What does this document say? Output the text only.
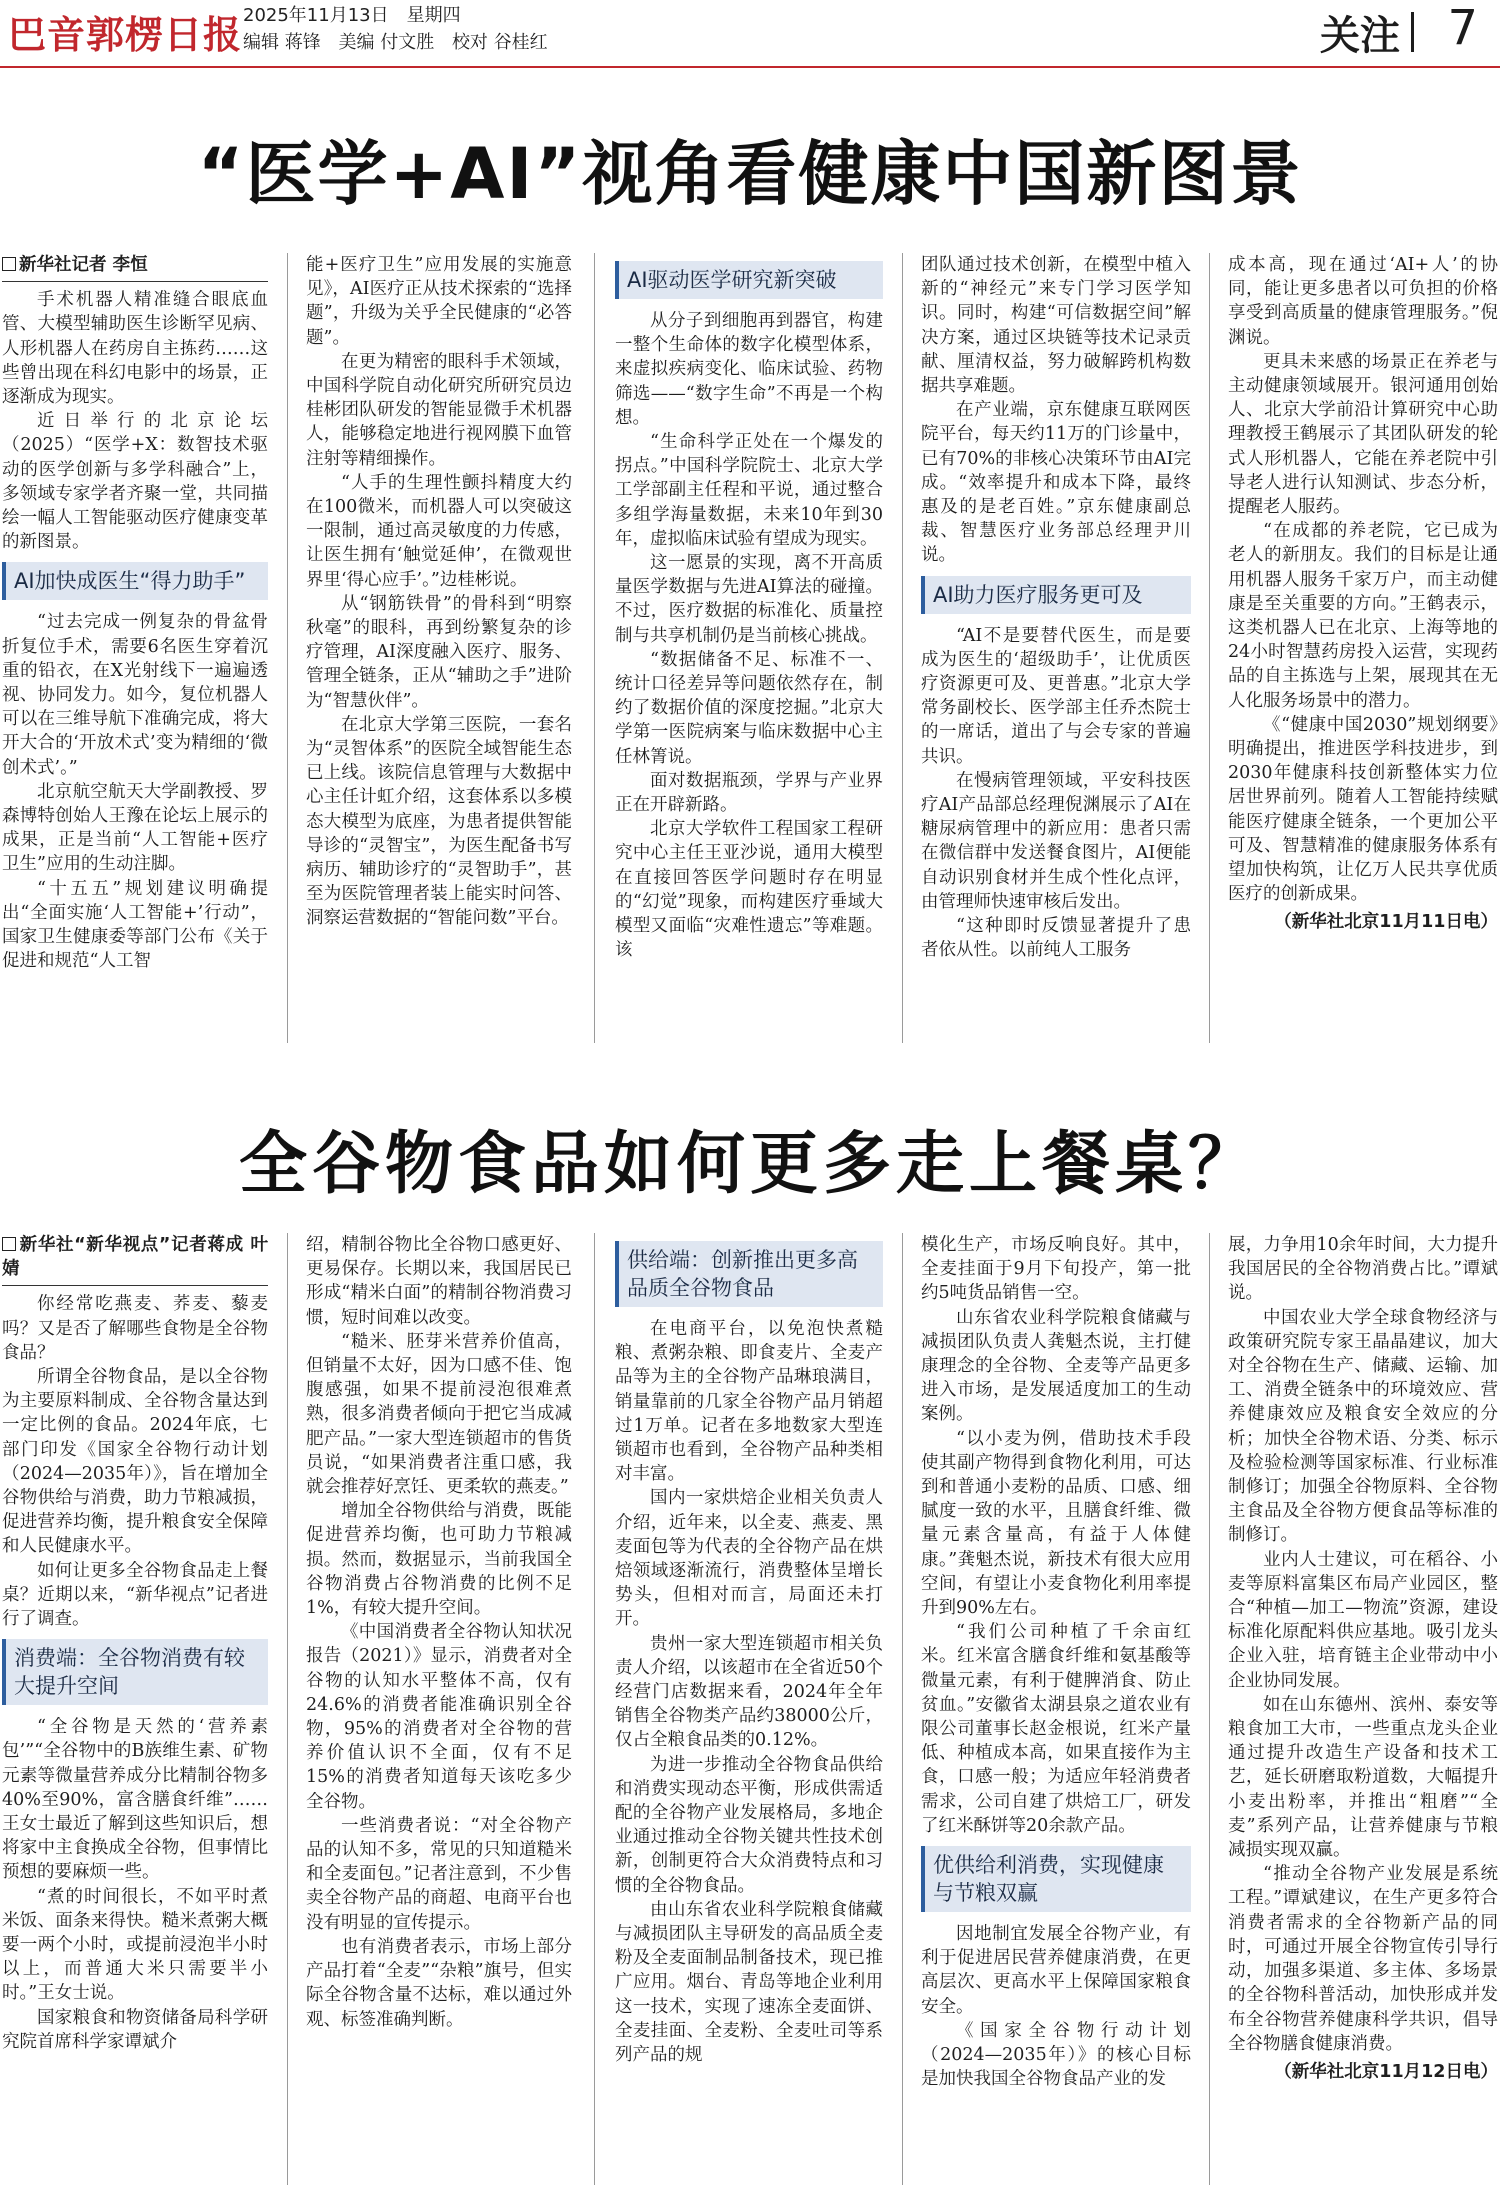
巴音郭楞日报 2025年11月13日　星期四
编辑 蒋锋 美编 付文胜 校对 谷桂红	关注 7
“医学+AI”视角看健康中国新图景
新华社记者 李恒

手术机器人精准缝合眼底血管、大模型辅助医生诊断罕见病、人形机器人在药房自主拣药……这些曾出现在科幻电影中的场景，正逐渐成为现实。

近日举行的北京论坛（2025）“医学+X：数智技术驱动的医学创新与多学科融合”上，多领域专家学者齐聚一堂，共同描绘一幅人工智能驱动医疗健康变革的新图景。

AI加快成医生“得力助手”

“过去完成一例复杂的骨盆骨折复位手术，需要6名医生穿着沉重的铅衣，在X光射线下一遍遍透视、协同发力。如今，复位机器人可以在三维导航下准确完成，将大开大合的‘开放术式’变为精细的‘微创术式’。”

北京航空航天大学副教授、罗森博特创始人王豫在论坛上展示的成果，正是当前“人工智能+医疗卫生”应用的生动注脚。

“十五五”规划建议明确提出“全面实施‘人工智能+’行动”，国家卫生健康委等部门公布《关于促进和规范“人工智

能+医疗卫生”应用发展的实施意见》，AI医疗正从技术探索的“选择题”，升级为关乎全民健康的“必答题”。

在更为精密的眼科手术领域，中国科学院自动化研究所研究员边桂彬团队研发的智能显微手术机器人，能够稳定地进行视网膜下血管注射等精细操作。

“人手的生理性颤抖精度大约在100微米，而机器人可以突破这一限制，通过高灵敏度的力传感，让医生拥有‘触觉延伸’，在微观世界里‘得心应手’。”边桂彬说。

从“钢筋铁骨”的骨科到“明察秋毫”的眼科，再到纷繁复杂的诊疗管理，AI深度融入医疗、服务、管理全链条，正从“辅助之手”进阶为“智慧伙伴”。

在北京大学第三医院，一套名为“灵智体系”的医院全域智能生态已上线。该院信息管理与大数据中心主任计虹介绍，这套体系以多模态大模型为底座，为患者提供智能导诊的“灵智宝”，为医生配备书写病历、辅助诊疗的“灵智助手”，甚至为医院管理者装上能实时问答、洞察运营数据的“智能问数”平台。

AI驱动医学研究新突破

从分子到细胞再到器官，构建一整个生命体的数字化模型体系，来虚拟疾病变化、临床试验、药物筛选——“数字生命”不再是一个构想。

“生命科学正处在一个爆发的拐点。”中国科学院院士、北京大学工学部副主任程和平说，通过整合多组学海量数据，未来10年到30年，虚拟临床试验有望成为现实。

这一愿景的实现，离不开高质量医学数据与先进AI算法的碰撞。不过，医疗数据的标准化、质量控制与共享机制仍是当前核心挑战。

“数据储备不足、标准不一、统计口径差异等问题依然存在，制约了数据价值的深度挖掘。”北京大学第一医院病案与临床数据中心主任林箐说。

面对数据瓶颈，学界与产业界正在开辟新路。

北京大学软件工程国家工程研究中心主任王亚沙说，通用大模型在直接回答医学问题时存在明显的“幻觉”现象，而构建医疗垂域大模型又面临“灾难性遗忘”等难题。该

团队通过技术创新，在模型中植入新的“神经元”来专门学习医学知识。同时，构建“可信数据空间”解决方案，通过区块链等技术记录贡献、厘清权益，努力破解跨机构数据共享难题。

在产业端，京东健康互联网医院平台，每天约11万的门诊量中，已有70%的非核心决策环节由AI完成。“效率提升和成本下降，最终惠及的是老百姓。”京东健康副总裁、智慧医疗业务部总经理尹川说。

AI助力医疗服务更可及

“AI不是要替代医生，而是要成为医生的‘超级助手’，让优质医疗资源更可及、更普惠。”北京大学常务副校长、医学部主任乔杰院士的一席话，道出了与会专家的普遍共识。

在慢病管理领域，平安科技医疗AI产品部总经理倪渊展示了AI在糖尿病管理中的新应用：患者只需在微信群中发送餐食图片，AI便能自动识别食材并生成个性化点评，由管理师快速审核后发出。

“这种即时反馈显著提升了患者依从性。以前纯人工服务

成本高，现在通过‘AI+人’的协同，能让更多患者以可负担的价格享受到高质量的健康管理服务。”倪渊说。

更具未来感的场景正在养老与主动健康领域展开。银河通用创始人、北京大学前沿计算研究中心助理教授王鹤展示了其团队研发的轮式人形机器人，它能在养老院中引导老人进行认知测试、步态分析，提醒老人服药。

“在成都的养老院，它已成为老人的新朋友。我们的目标是让通用机器人服务千家万户，而主动健康是至关重要的方向。”王鹤表示，这类机器人已在北京、上海等地的24小时智慧药房投入运营，实现药品的自主拣选与上架，展现其在无人化服务场景中的潜力。

《“健康中国2030”规划纲要》明确提出，推进医学科技进步，到2030年健康科技创新整体实力位居世界前列。随着人工智能持续赋能医疗健康全链条，一个更加公平可及、智慧精准的健康服务体系有望加快构筑，让亿万人民共享优质医疗的创新成果。

（新华社北京11月11日电）
全谷物食品如何更多走上餐桌？
新华社“新华视点”记者蒋成 叶婧

你经常吃燕麦、荞麦、藜麦吗？又是否了解哪些食物是全谷物食品？

所谓全谷物食品，是以全谷物为主要原料制成、全谷物含量达到一定比例的食品。2024年底，七部门印发《国家全谷物行动计划（2024—2035年）》，旨在增加全谷物供给与消费，助力节粮减损，促进营养均衡，提升粮食安全保障和人民健康水平。

如何让更多全谷物食品走上餐桌？近期以来，“新华视点”记者进行了调查。

消费端：全谷物消费有较大提升空间

“全谷物是天然的‘营养素包’”“全谷物中的B族维生素、矿物元素等微量营养成分比精制谷物多40%至90%，富含膳食纤维”……王女士最近了解到这些知识后，想将家中主食换成全谷物，但事情比预想的要麻烦一些。

“煮的时间很长，不如平时煮米饭、面条来得快。糙米煮粥大概要一两个小时，或提前浸泡半小时以上，而普通大米只需要半小时。”王女士说。

国家粮食和物资储备局科学研究院首席科学家谭斌介

绍，精制谷物比全谷物口感更好、更易保存。长期以来，我国居民已形成“精米白面”的精制谷物消费习惯，短时间难以改变。

“糙米、胚芽米营养价值高，但销量不太好，因为口感不佳、饱腹感强，如果不提前浸泡很难煮熟，很多消费者倾向于把它当成减肥产品。”一家大型连锁超市的售货员说，“如果消费者注重口感，我就会推荐好烹饪、更柔软的燕麦。”

增加全谷物供给与消费，既能促进营养均衡，也可助力节粮减损。然而，数据显示，当前我国全谷物消费占谷物消费的比例不足1%，有较大提升空间。

《中国消费者全谷物认知状况报告（2021）》显示，消费者对全谷物的认知水平整体不高，仅有24.6%的消费者能准确识别全谷物，95%的消费者对全谷物的营养价值认识不全面，仅有不足15%的消费者知道每天该吃多少全谷物。

一些消费者说：“对全谷物产品的认知不多，常见的只知道糙米和全麦面包。”记者注意到，不少售卖全谷物产品的商超、电商平台也没有明显的宣传提示。

也有消费者表示，市场上部分产品打着“全麦”“杂粮”旗号，但实际全谷物含量不达标，难以通过外观、标签准确判断。

供给端：创新推出更多高品质全谷物食品

在电商平台，以免泡快煮糙粮、煮粥杂粮、即食麦片、全麦产品等为主的全谷物产品琳琅满目，销量靠前的几家全谷物产品月销超过1万单。记者在多地数家大型连锁超市也看到，全谷物产品种类相对丰富。

国内一家烘焙企业相关负责人介绍，近年来，以全麦、燕麦、黑麦面包等为代表的全谷物产品在烘焙领域逐渐流行，消费整体呈增长势头，但相对而言，局面还未打开。

贵州一家大型连锁超市相关负责人介绍，以该超市在全省近50个经营门店数据来看，2024年全年销售全谷物类产品约38000公斤，仅占全粮食品类的0.12%。

为进一步推动全谷物食品供给和消费实现动态平衡，形成供需适配的全谷物产业发展格局，多地企业通过推动全谷物关键共性技术创新，创制更符合大众消费特点和习惯的全谷物食品。

由山东省农业科学院粮食储藏与减损团队主导研发的高品质全麦粉及全麦面制品制备技术，现已推广应用。烟台、青岛等地企业利用这一技术，实现了速冻全麦面饼、全麦挂面、全麦粉、全麦吐司等系列产品的规

模化生产，市场反响良好。其中，全麦挂面于9月下旬投产，第一批约5吨货品销售一空。

山东省农业科学院粮食储藏与减损团队负责人龚魁杰说，主打健康理念的全谷物、全麦等产品更多进入市场，是发展适度加工的生动案例。

“以小麦为例，借助技术手段使其副产物得到食物化利用，可达到和普通小麦粉的品质、口感、细腻度一致的水平，且膳食纤维、微量元素含量高，有益于人体健康。”龚魁杰说，新技术有很大应用空间，有望让小麦食物化利用率提升到90%左右。

“我们公司种植了千余亩红米。红米富含膳食纤维和氨基酸等微量元素，有利于健脾消食、防止贫血。”安徽省太湖县泉之道农业有限公司董事长赵金根说，红米产量低、种植成本高，如果直接作为主食，口感一般；为适应年轻消费者需求，公司自建了烘焙工厂，研发了红米酥饼等20余款产品。

优供给利消费，实现健康与节粮双赢

因地制宜发展全谷物产业，有利于促进居民营养健康消费，在更高层次、更高水平上保障国家粮食安全。

《国家全谷物行动计划（2024—2035年）》的核心目标是加快我国全谷物食品产业的发

展，力争用10余年时间，大力提升我国居民的全谷物消费占比。”谭斌说。

中国农业大学全球食物经济与政策研究院专家王晶晶建议，加大对全谷物在生产、储藏、运输、加工、消费全链条中的环境效应、营养健康效应及粮食安全效应的分析；加快全谷物术语、分类、标示及检验检测等国家标准、行业标准制修订；加强全谷物原料、全谷物主食品及全谷物方便食品等标准的制修订。

业内人士建议，可在稻谷、小麦等原料富集区布局产业园区，整合“种植—加工—物流”资源，建设标准化原配料供应基地。吸引龙头企业入驻，培育链主企业带动中小企业协同发展。

如在山东德州、滨州、泰安等粮食加工大市，一些重点龙头企业通过提升改造生产设备和技术工艺，延长研磨取粉道数，大幅提升小麦出粉率，并推出“粗磨”“全麦”系列产品，让营养健康与节粮减损实现双赢。

“推动全谷物产业发展是系统工程。”谭斌建议，在生产更多符合消费者需求的全谷物新产品的同时，可通过开展全谷物宣传引导行动，加强多渠道、多主体、多场景的全谷物科普活动，加快形成并发布全谷物营养健康科学共识，倡导全谷物膳食健康消费。

（新华社北京11月12日电）
